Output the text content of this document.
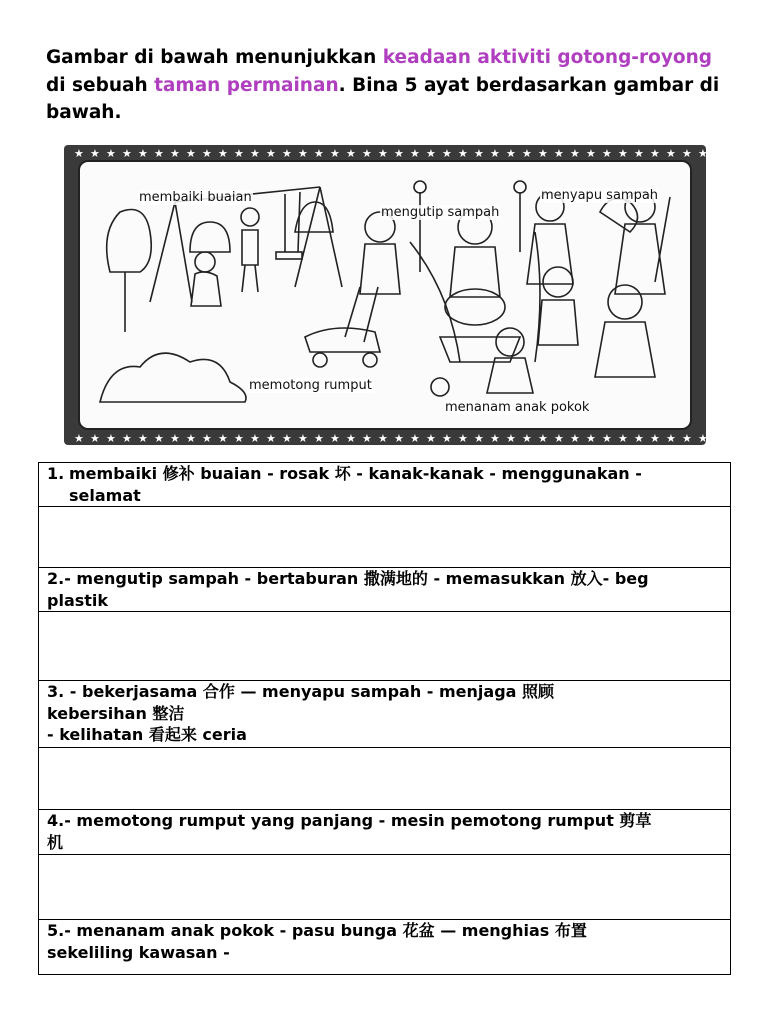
Gambar di bawah menunjukkan keadaan aktiviti gotong-royong di sebuah taman permainan. Bina 5 ayat berdasarkan gambar di bawah.
★ ★ ★ ★ ★ ★ ★ ★ ★ ★ ★ ★ ★ ★ ★ ★ ★ ★ ★ ★ ★ ★ ★ ★ ★ ★ ★ ★ ★ ★ ★ ★ ★ ★ ★ ★ ★ ★ ★ ★
★ ★ ★ ★ ★ ★ ★ ★ ★ ★ ★ ★ ★ ★ ★ ★ ★ ★ ★ ★ ★ ★ ★ ★ ★ ★ ★ ★ ★ ★ ★ ★ ★ ★ ★ ★ ★ ★ ★ ★
membaiki buaian
mengutip sampah
menyapu sampah
memotong rumput
menanam anak pokok
1. membaiki 修补 buaian - rosak 坏 - kanak-kanak - menggunakan -
selamat

2.- mengutip sampah - bertaburan 撒满地的 - memasukkan 放入- beg
plastik

3. - bekerjasama 合作 — menyapu sampah - menjaga 照顾
kebersihan 整洁
- kelihatan 看起来 ceria

4.- memotong rumput yang panjang - mesin pemotong rumput 剪草
机

5.- menanam anak pokok - pasu bunga 花盆 — menghias 布置
sekeliling kawasan -
